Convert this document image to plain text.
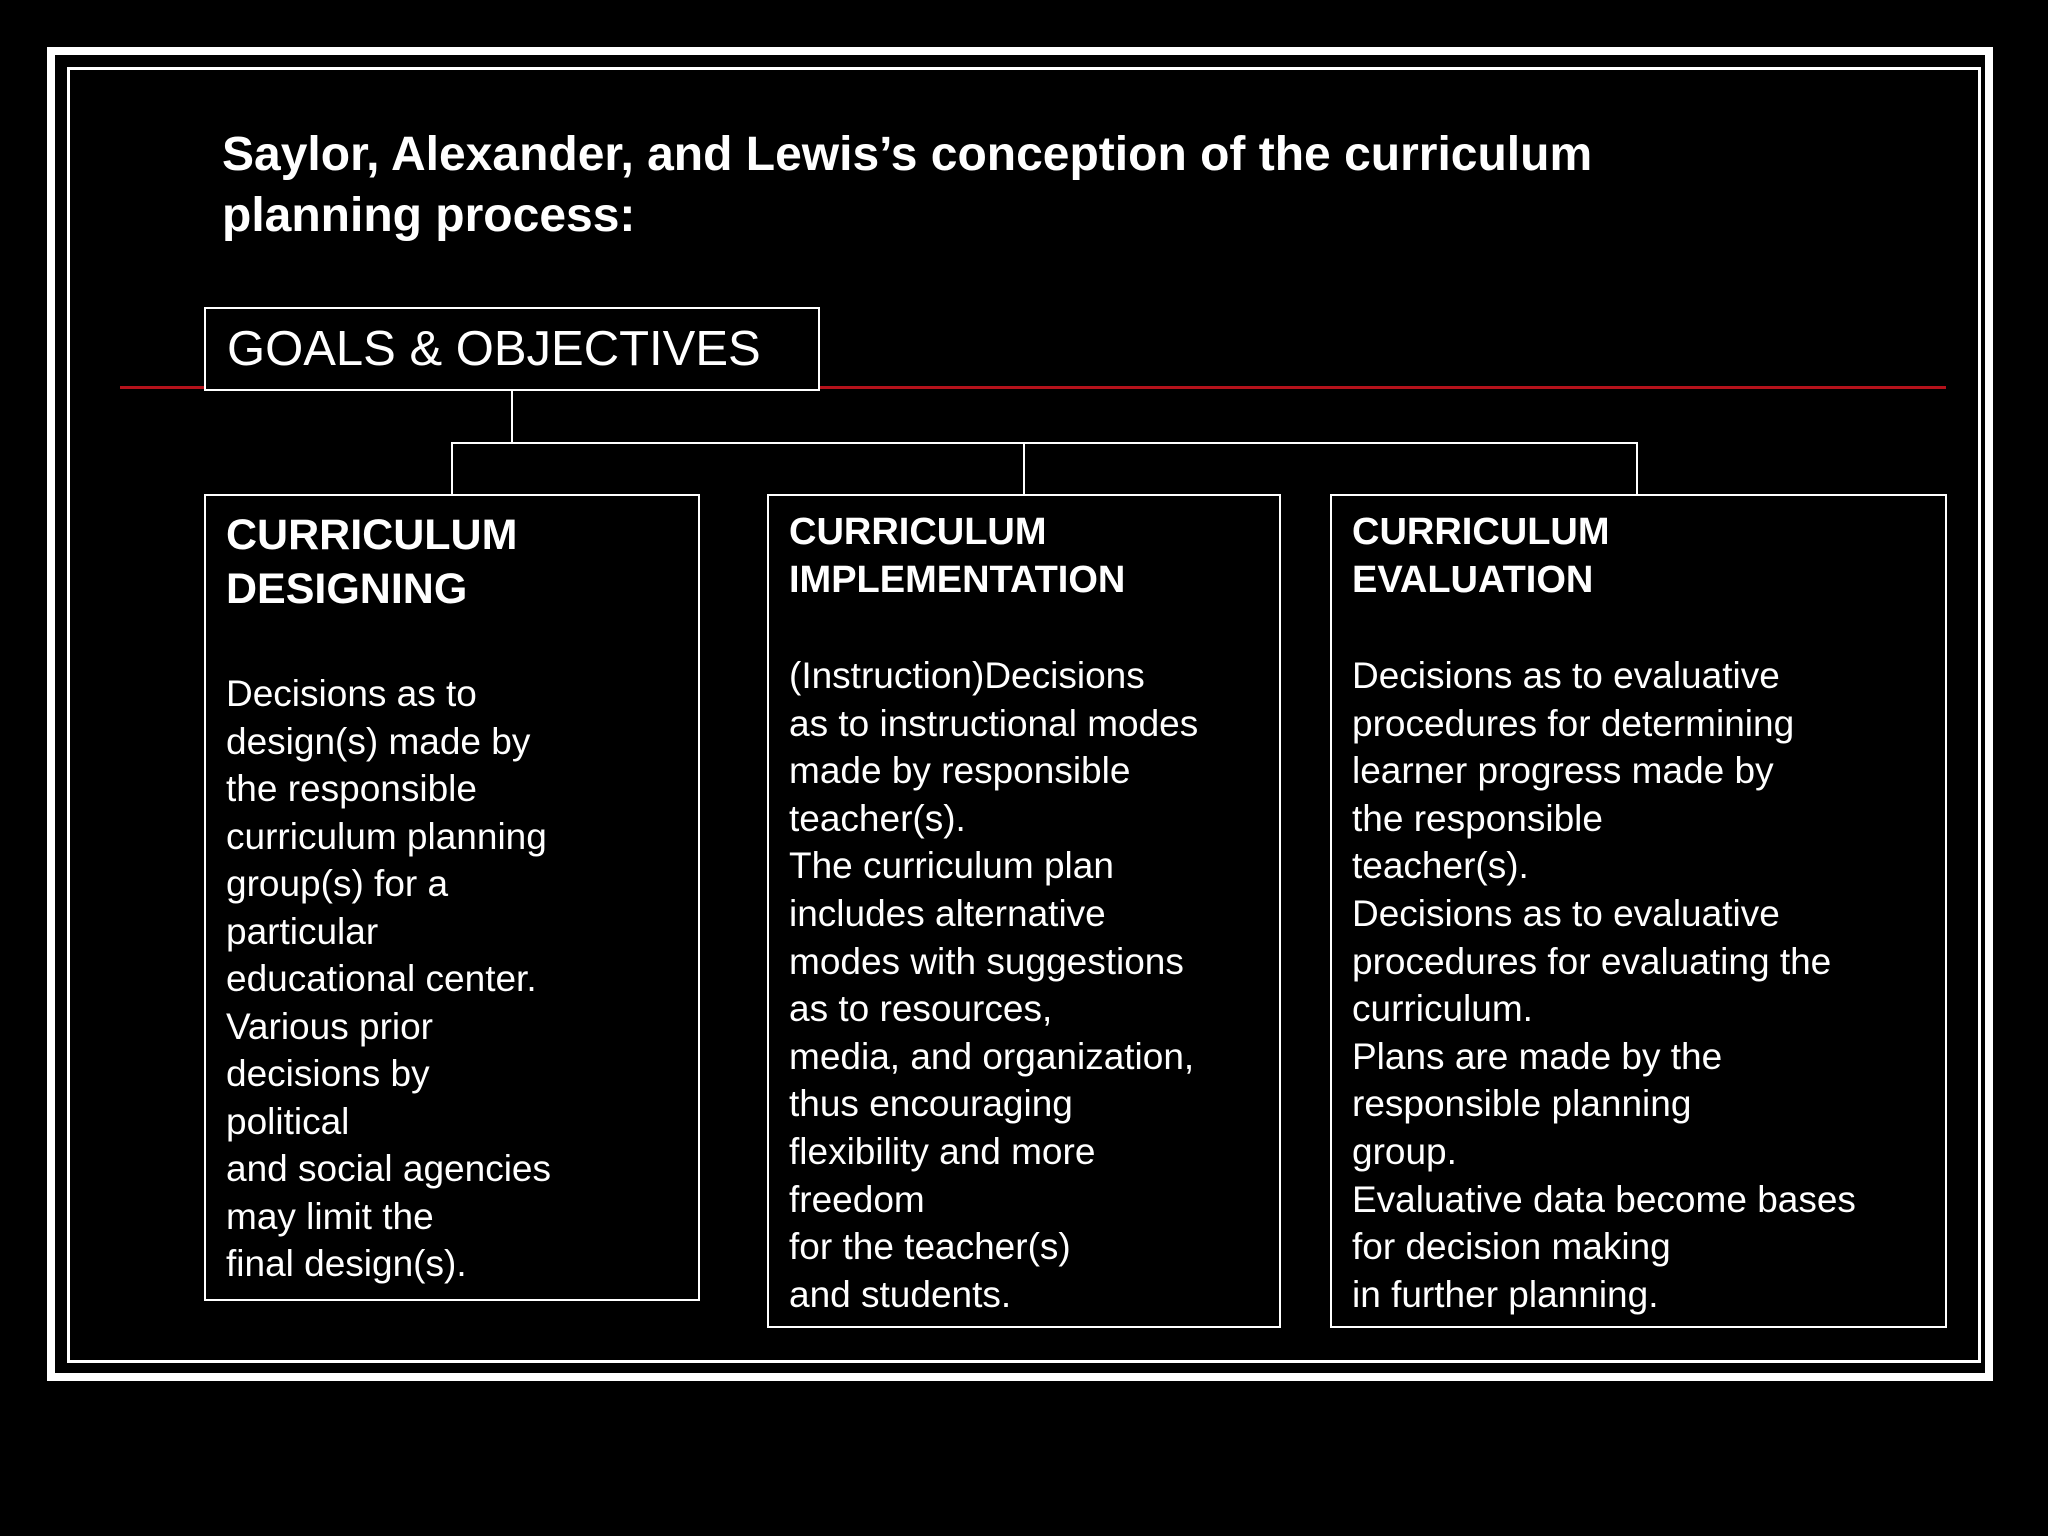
Saylor, Alexander, and Lewis’s conception of the curriculum planning process:
GOALS & OBJECTIVES
CURRICULUM
DESIGNING
Decisions as to
design(s) made by
the responsible
curriculum planning
group(s) for a
particular
educational center.
Various prior
decisions by
political
and social agencies
may limit the
final design(s).
CURRICULUM
IMPLEMENTATION
(Instruction)Decisions
as to instructional modes
made by responsible
teacher(s).
The curriculum plan
includes alternative
modes with suggestions
as to resources,
media, and organization,
thus encouraging
flexibility and more
freedom
for the teacher(s)
and students.
CURRICULUM
EVALUATION
Decisions as to evaluative
procedures for determining
learner progress made by
the responsible
teacher(s).
Decisions as to evaluative
procedures for evaluating the
curriculum.
Plans are made by the
responsible planning
group.
Evaluative data become bases
for decision making
in further planning.
